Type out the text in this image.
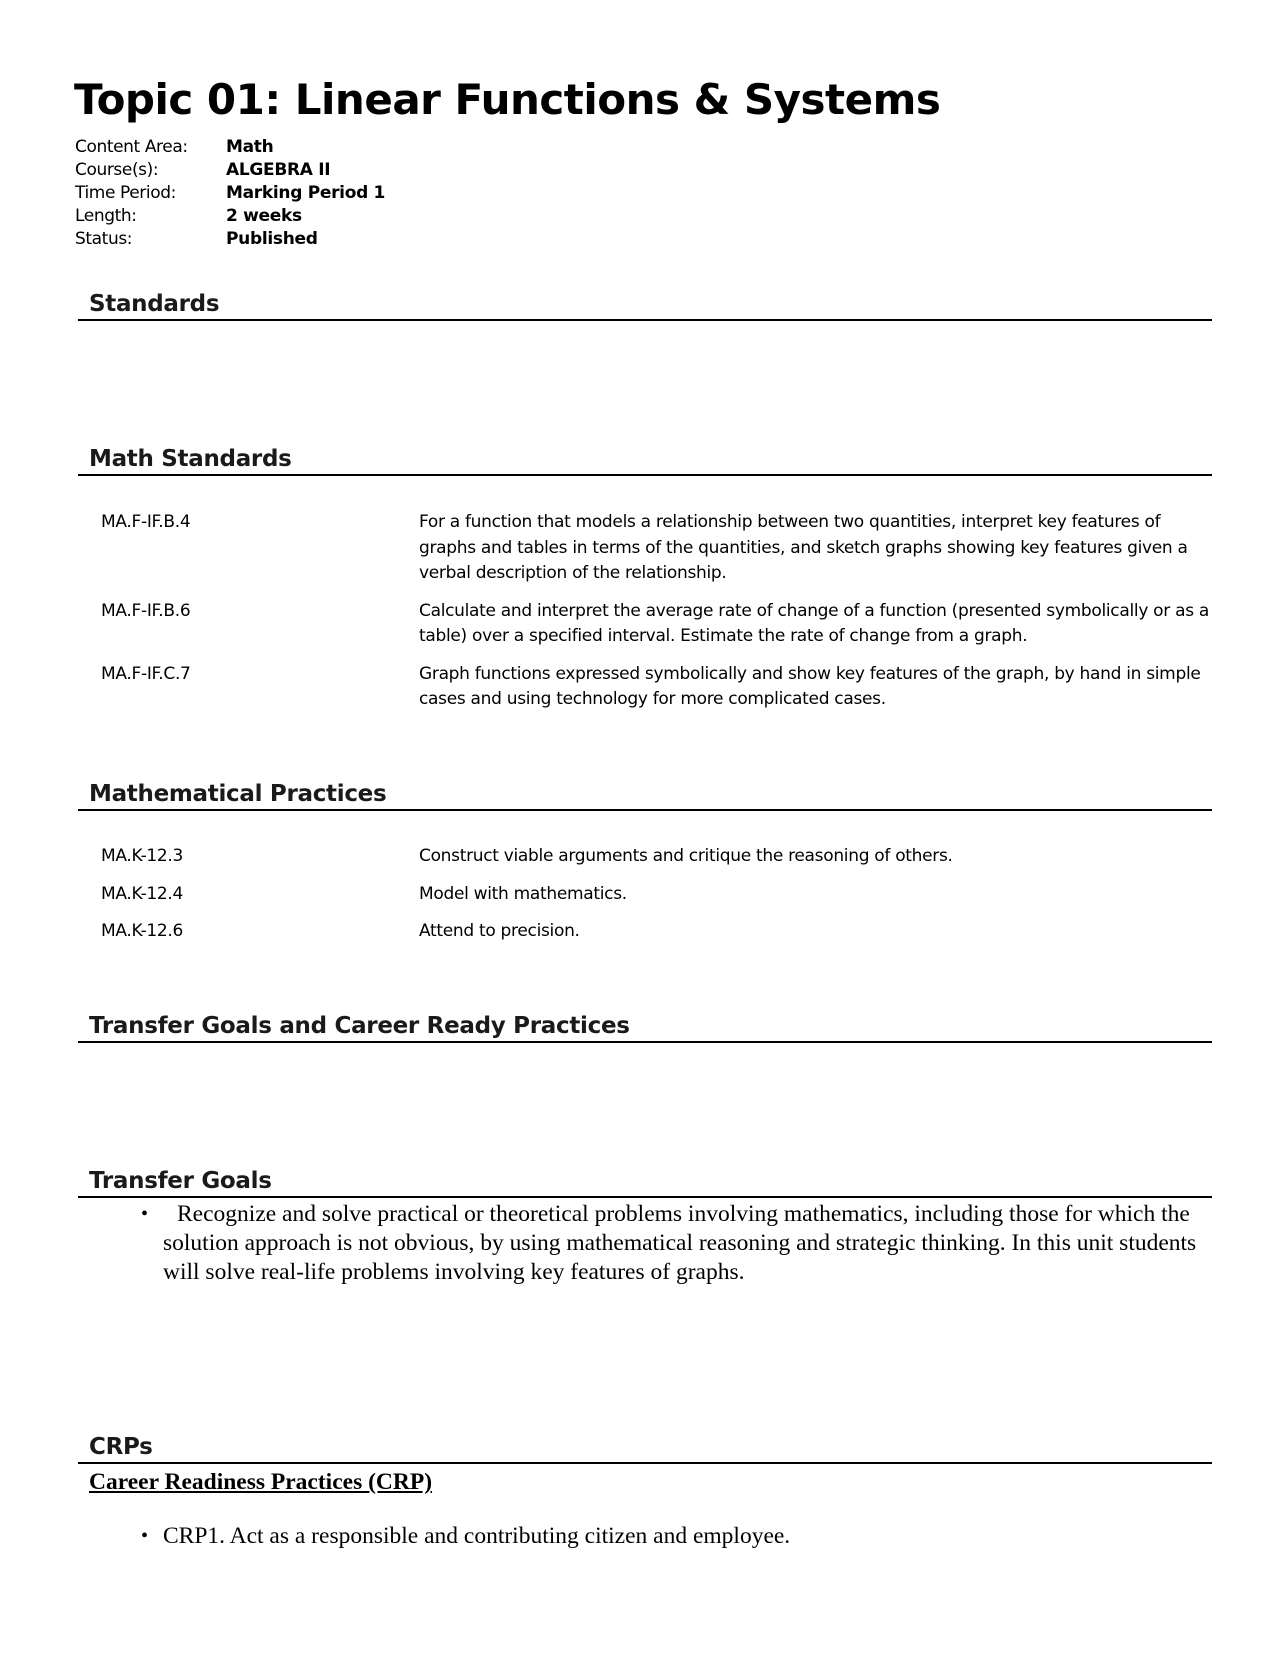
Topic 01: Linear Functions & Systems
Content Area:	Math
Course(s):	ALGEBRA II
Time Period:	Marking Period 1
Length:	2 weeks
Status:	Published
Standards
Math Standards
MA.F-IF.B.4	For a function that models a relationship between two quantities, interpret key features of graphs and tables in terms of the quantities, and sketch graphs showing key features given a verbal description of the relationship.
MA.F-IF.B.6	Calculate and interpret the average rate of change of a function (presented symbolically or as a table) over a specified interval. Estimate the rate of change from a graph.
MA.F-IF.C.7	Graph functions expressed symbolically and show key features of the graph, by hand in simple cases and using technology for more complicated cases.
Mathematical Practices
MA.K-12.3	Construct viable arguments and critique the reasoning of others.
MA.K-12.4	Model with mathematics.
MA.K-12.6	Attend to precision.
Transfer Goals and Career Ready Practices
Transfer Goals
•	Recognize and solve practical or theoretical problems involving mathematics, including those for which the solution approach is not obvious, by using mathematical reasoning and strategic thinking. In this unit students will solve real-life problems involving key features of graphs.
CRPs
Career Readiness Practices (CRP)
• CRP1. Act as a responsible and contributing citizen and employee.
